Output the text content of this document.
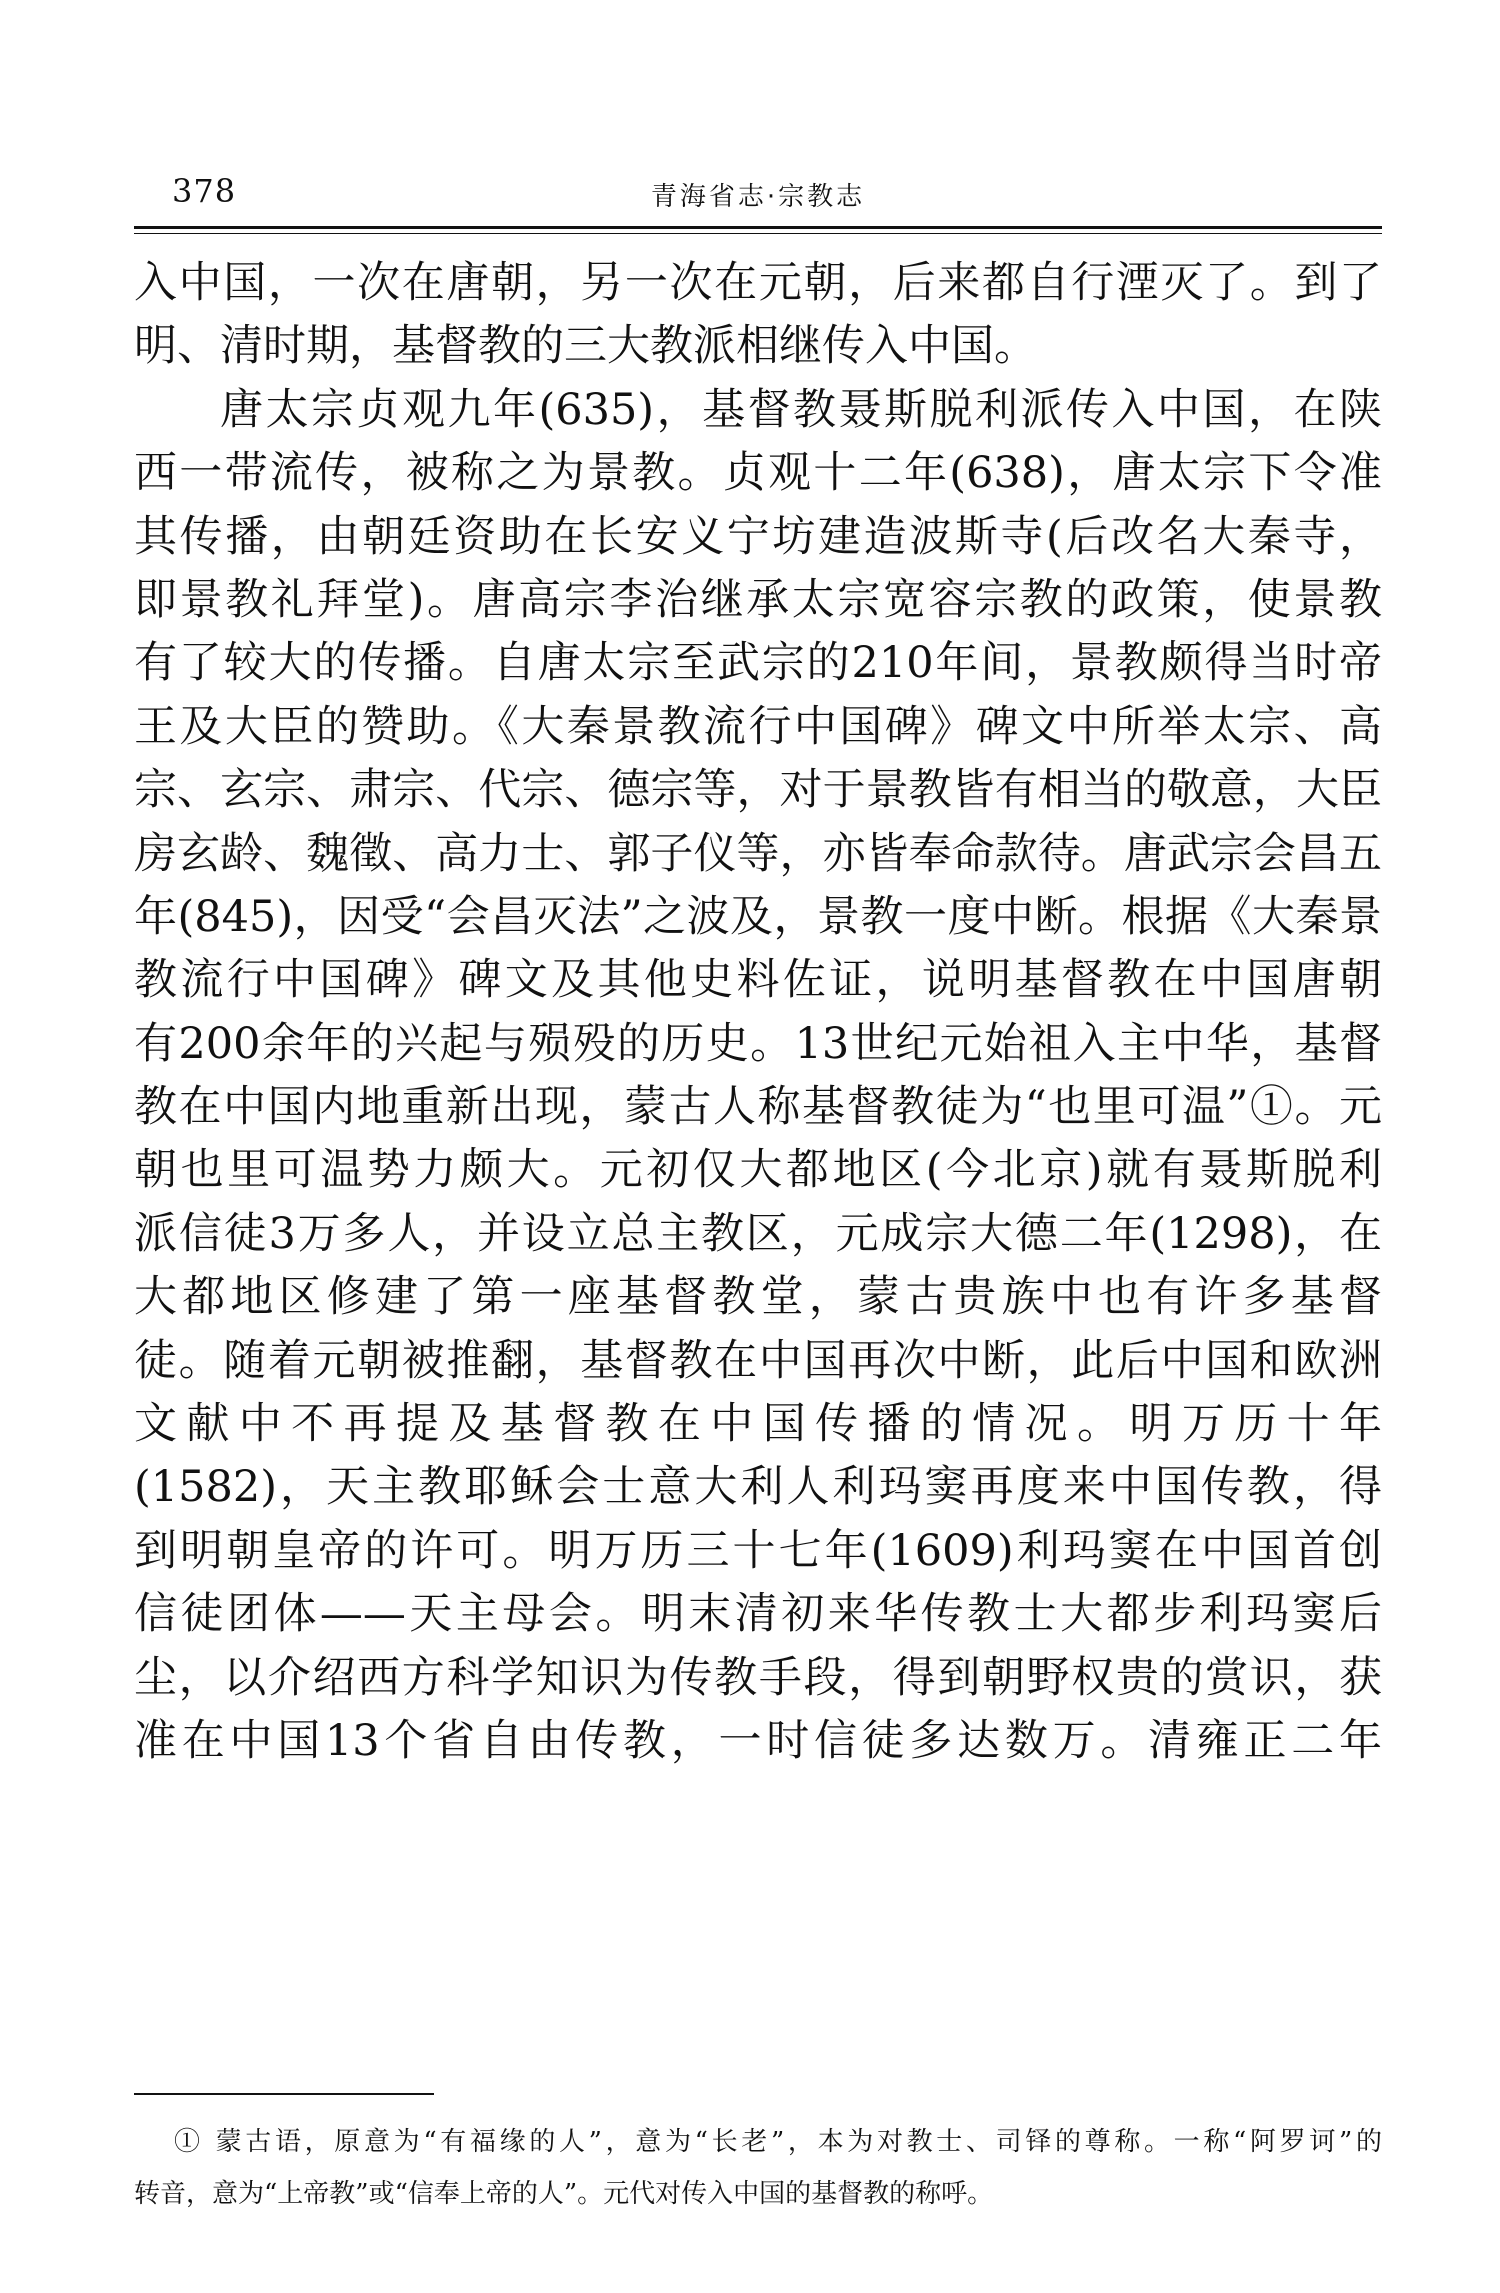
378	青海省志·宗教志
入中国，一次在唐朝，另一次在元朝，后来都自行湮灭了。到了
明、清时期，基督教的三大教派相继传入中国。
唐太宗贞观九年(635)，基督教聂斯脱利派传入中国，在陕
西一带流传，被称之为景教。贞观十二年(638)，唐太宗下令准
其传播，由朝廷资助在长安义宁坊建造波斯寺(后改名大秦寺，
即景教礼拜堂)。唐高宗李治继承太宗宽容宗教的政策，使景教
有了较大的传播。自唐太宗至武宗的210年间，景教颇得当时帝
王及大臣的赞助。《大秦景教流行中国碑》碑文中所举太宗、高
宗、玄宗、肃宗、代宗、德宗等，对于景教皆有相当的敬意，大臣
房玄龄、魏徵、高力士、郭子仪等，亦皆奉命款待。唐武宗会昌五
年(845)，因受“会昌灭法”之波及，景教一度中断。根据《大秦景
教流行中国碑》碑文及其他史料佐证，说明基督教在中国唐朝
有200余年的兴起与殒殁的历史。13世纪元始祖入主中华，基督
教在中国内地重新出现，蒙古人称基督教徒为“也里可温”①。元
朝也里可温势力颇大。元初仅大都地区(今北京)就有聂斯脱利
派信徒3万多人，并设立总主教区，元成宗大德二年(1298)，在
大都地区修建了第一座基督教堂，蒙古贵族中也有许多基督
徒。随着元朝被推翻，基督教在中国再次中断，此后中国和欧洲
文献中不再提及基督教在中国传播的情况。明万历十年
(1582)，天主教耶稣会士意大利人利玛窦再度来中国传教，得
到明朝皇帝的许可。明万历三十七年(1609)利玛窦在中国首创
信徒团体——天主母会。明末清初来华传教士大都步利玛窦后
尘，以介绍西方科学知识为传教手段，得到朝野权贵的赏识，获
准在中国13个省自由传教，一时信徒多达数万。清雍正二年
① 蒙古语，原意为“有福缘的人”，意为“长老”，本为对教士、司铎的尊称。一称“阿罗诃”的
转音，意为“上帝教”或“信奉上帝的人”。元代对传入中国的基督教的称呼。
